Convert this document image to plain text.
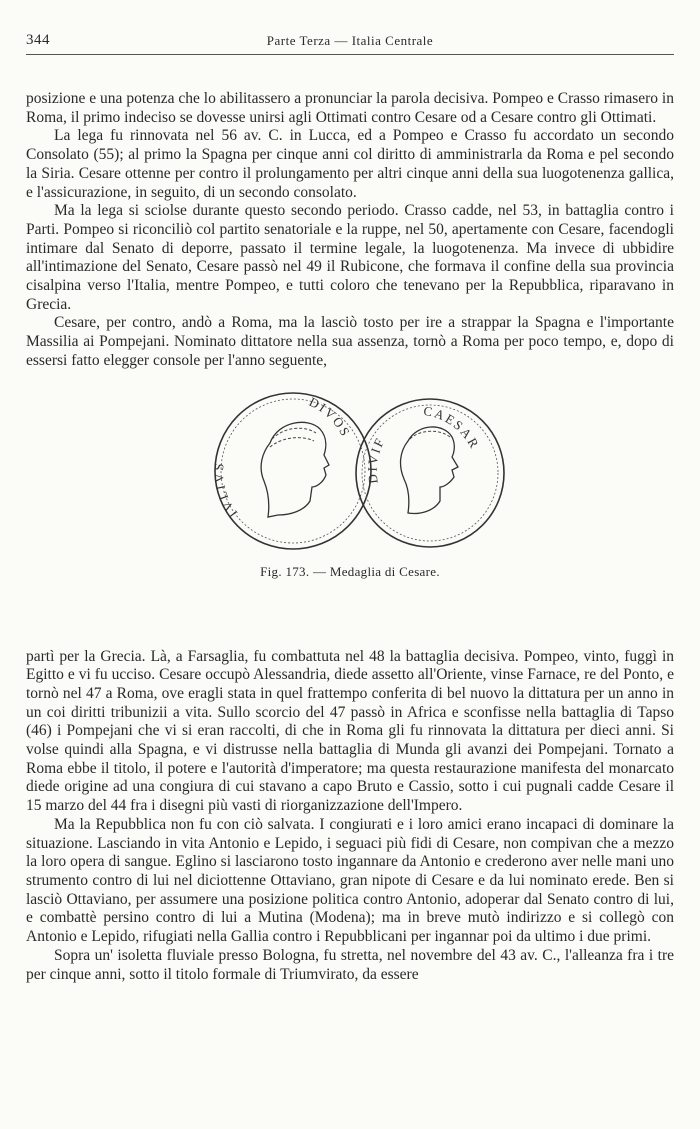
344	Parte Terza — Italia Centrale

posizione e una potenza che lo abilitassero a pronunciar la parola decisiva. Pompeo e Crasso rimasero in Roma, il primo indeciso se dovesse unirsi agli Ottimati contro Cesare od a Cesare contro gli Ottimati.

La lega fu rinnovata nel 56 av. C. in Lucca, ed a Pompeo e Crasso fu accordato un secondo Consolato (55); al primo la Spagna per cinque anni col diritto di amministrarla da Roma e pel secondo la Siria. Cesare ottenne per contro il prolungamento per altri cinque anni della sua luogotenenza gallica, e l'assicurazione, in seguito, di un secondo consolato.

Ma la lega si sciolse durante questo secondo periodo. Crasso cadde, nel 53, in battaglia contro i Parti. Pompeo si riconciliò col partito senatoriale e la ruppe, nel 50, apertamente con Cesare, facendogli intimare dal Senato di deporre, passato il termine legale, la luogotenenza. Ma invece di ubbidire all'intimazione del Senato, Cesare passò nel 49 il Rubicone, che formava il confine della sua provincia cisalpina verso l'Italia, mentre Pompeo, e tutti coloro che tenevano per la Repubblica, riparavano in Grecia.

Cesare, per contro, andò a Roma, ma la lasciò tosto per ire a strappar la Spagna e l'importante Massilia ai Pompejani. Nominato dittatore nella sua assenza, tornò a Roma per poco tempo, e, dopo di essersi fatto elegger console per l'anno seguente,

IVLIVS
DIVOS
CAESAR
DIVIF
Fig. 173. — Medaglia di Cesare.

partì per la Grecia. Là, a Farsaglia, fu combattuta nel 48 la battaglia decisiva. Pompeo, vinto, fuggì in Egitto e vi fu ucciso. Cesare occupò Alessandria, diede assetto all'Oriente, vinse Farnace, re del Ponto, e tornò nel 47 a Roma, ove eragli stata in quel frattempo conferita di bel nuovo la dittatura per un anno in un coi diritti tribunizii a vita. Sullo scorcio del 47 passò in Africa e sconfisse nella battaglia di Tapso (46) i Pompejani che vi si eran raccolti, di che in Roma gli fu rinnovata la dittatura per dieci anni. Si volse quindi alla Spagna, e vi distrusse nella battaglia di Munda gli avanzi dei Pompejani. Tornato a Roma ebbe il titolo, il potere e l'autorità d'imperatore; ma questa restaurazione manifesta del monarcato diede origine ad una congiura di cui stavano a capo Bruto e Cassio, sotto i cui pugnali cadde Cesare il 15 marzo del 44 fra i disegni più vasti di riorganizzazione dell'Impero.

Ma la Repubblica non fu con ciò salvata. I congiurati e i loro amici erano incapaci di dominare la situazione. Lasciando in vita Antonio e Lepido, i seguaci più fidi di Cesare, non compivan che a mezzo la loro opera di sangue. Eglino si lasciarono tosto ingannare da Antonio e crederono aver nelle mani uno strumento contro di lui nel diciottenne Ottaviano, gran nipote di Cesare e da lui nominato erede. Ben si lasciò Ottaviano, per assumere una posizione politica contro Antonio, adoperar dal Senato contro di lui, e combattè persino contro di lui a Mutina (Modena); ma in breve mutò indirizzo e si collegò con Antonio e Lepido, rifugiati nella Gallia contro i Repubblicani per ingannar poi da ultimo i due primi.

Sopra un' isoletta fluviale presso Bologna, fu stretta, nel novembre del 43 av. C., l'alleanza fra i tre per cinque anni, sotto il titolo formale di Triumvirato, da essere
